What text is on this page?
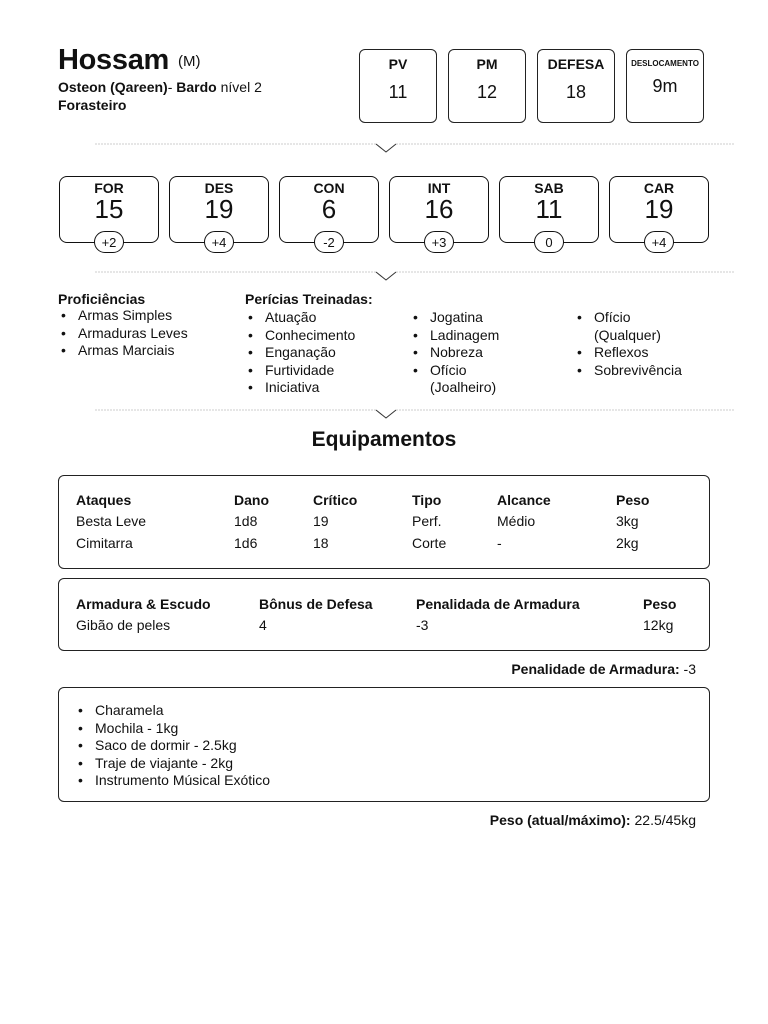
Hossam (M)
Osteon (Qareen)- Bardo nível 2
Forasteiro
PV
11
PM
12
DEFESA
18
DESLOCAMENTO
9m
FOR
15
+2
DES
19
+4
CON
6
-2
INT
16
+3
SAB
11
0
CAR
19
+4
Proficiências
• Armas Simples
• Armaduras Leves
• Armas Marciais
Perícias Treinadas:
• Atuação
• Conhecimento
• Enganação
• Furtividade
• Iniciativa
• Jogatina
• Ladinagem
• Nobreza
• Ofício (Joalheiro)
• Ofício (Qualquer)
• Reflexos
• Sobrevivência
Equipamentos
Ataques	Dano	Crítico	Tipo	Alcance	Peso
Besta Leve	1d8	19	Perf.	Médio	3kg
Cimitarra	1d6	18	Corte	-	2kg
Armadura & Escudo	Bônus de Defesa	Penalidada de Armadura	Peso
Gibão de peles	4	-3	12kg
Penalidade de Armadura: -3
• Charamela
• Mochila - 1kg
• Saco de dormir - 2.5kg
• Traje de viajante - 2kg
• Instrumento Músical Exótico
Peso (atual/máximo): 22.5/45kg
